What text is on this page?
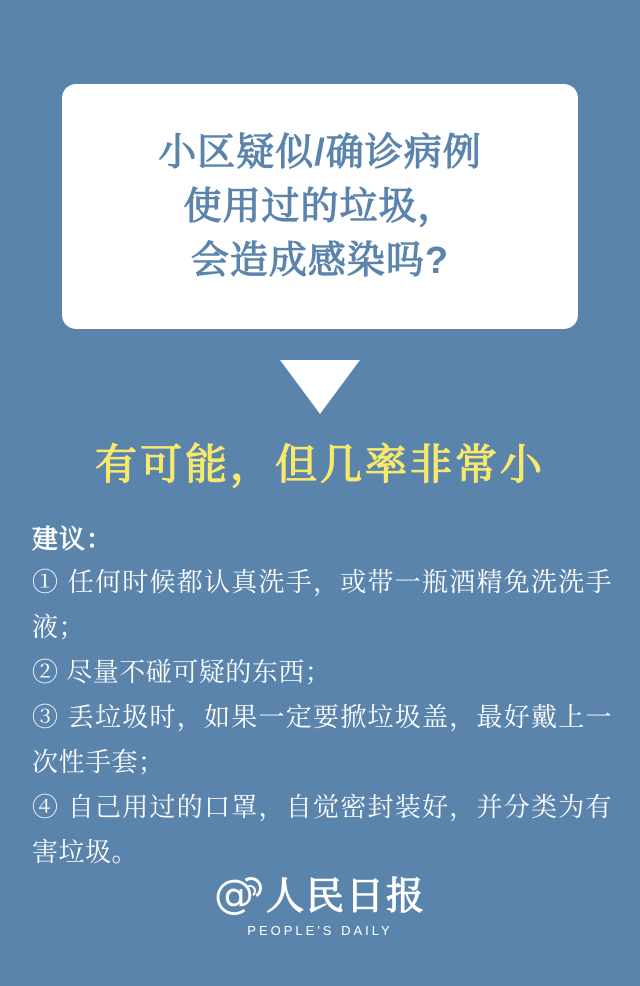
小区疑似/确诊病例
使用过的垃圾，
会造成感染吗?
有可能，但几率非常小
建议：
① 任何时候都认真洗手，或带一瓶酒精免洗洗手液；
② 尽量不碰可疑的东西；
③ 丢垃圾时，如果一定要掀垃圾盖，最好戴上一次性手套；
④ 自己用过的口罩，自觉密封装好，并分类为有害垃圾。
@ 人民日报
PEOPLE'S DAILY
